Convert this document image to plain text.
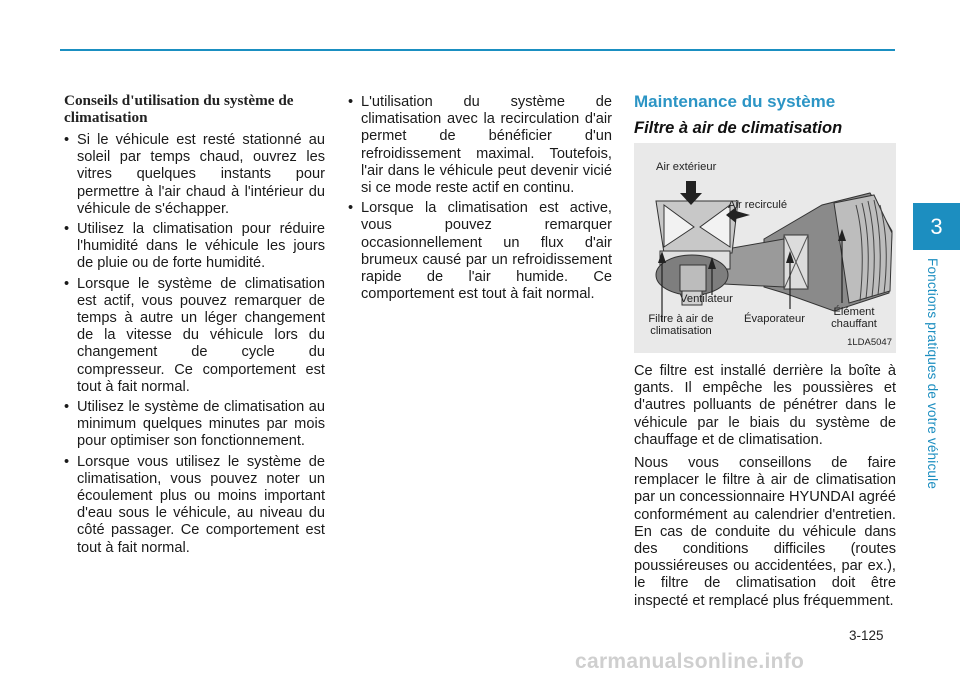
Conseils d'utilisation du système de climatisation
• Si le véhicule est resté stationné au soleil par temps chaud, ouvrez les vitres quelques instants pour permettre à l'air chaud à l'intérieur du véhicule de s'échapper.
• Utilisez la climatisation pour réduire l'humidité dans le véhicule les jours de pluie ou de forte humidité.
• Lorsque le système de climatisation est actif, vous pouvez remarquer de temps à autre un léger changement de la vitesse du véhicule lors du changement de cycle du compresseur. Ce comportement est tout à fait normal.
• Utilisez le système de climatisation au minimum quelques minutes par mois pour optimiser son fonctionnement.
• Lorsque vous utilisez le système de climatisation, vous pouvez noter un écoulement plus ou moins important d'eau sous le véhicule, au niveau du côté passager. Ce comportement est tout à fait normal.
• L'utilisation du système de climatisation avec la recirculation d'air permet de bénéficier d'un refroidissement maximal. Toutefois, l'air dans le véhicule peut devenir vicié si ce mode reste actif en continu.
• Lorsque la climatisation est active, vous pouvez remarquer occasionnellement un flux d'air brumeux causé par un refroidissement rapide de l'air humide. Ce comportement est tout à fait normal.
Maintenance du système
Filtre à air de climatisation
Air extérieur
Air recirculé
Ventilateur
Filtre à air de climatisation
Évaporateur
Élément chauffant
1LDA5047

Ce filtre est installé derrière la boîte à gants. Il empêche les poussières et d'autres polluants de pénétrer dans le véhicule par le biais du système de chauffage et de climatisation.

Nous vous conseillons de faire remplacer le filtre à air de climatisation par un concessionnaire HYUNDAI agréé conformément au calendrier d'entretien. En cas de conduite du véhicule dans des conditions difficiles (routes poussiéreuses ou accidentées, par ex.), le filtre de climatisation doit être inspecté et remplacé plus fréquemment.

3
Fonctions pratiques de votre véhicule
3-125
carmanualsonline.info
